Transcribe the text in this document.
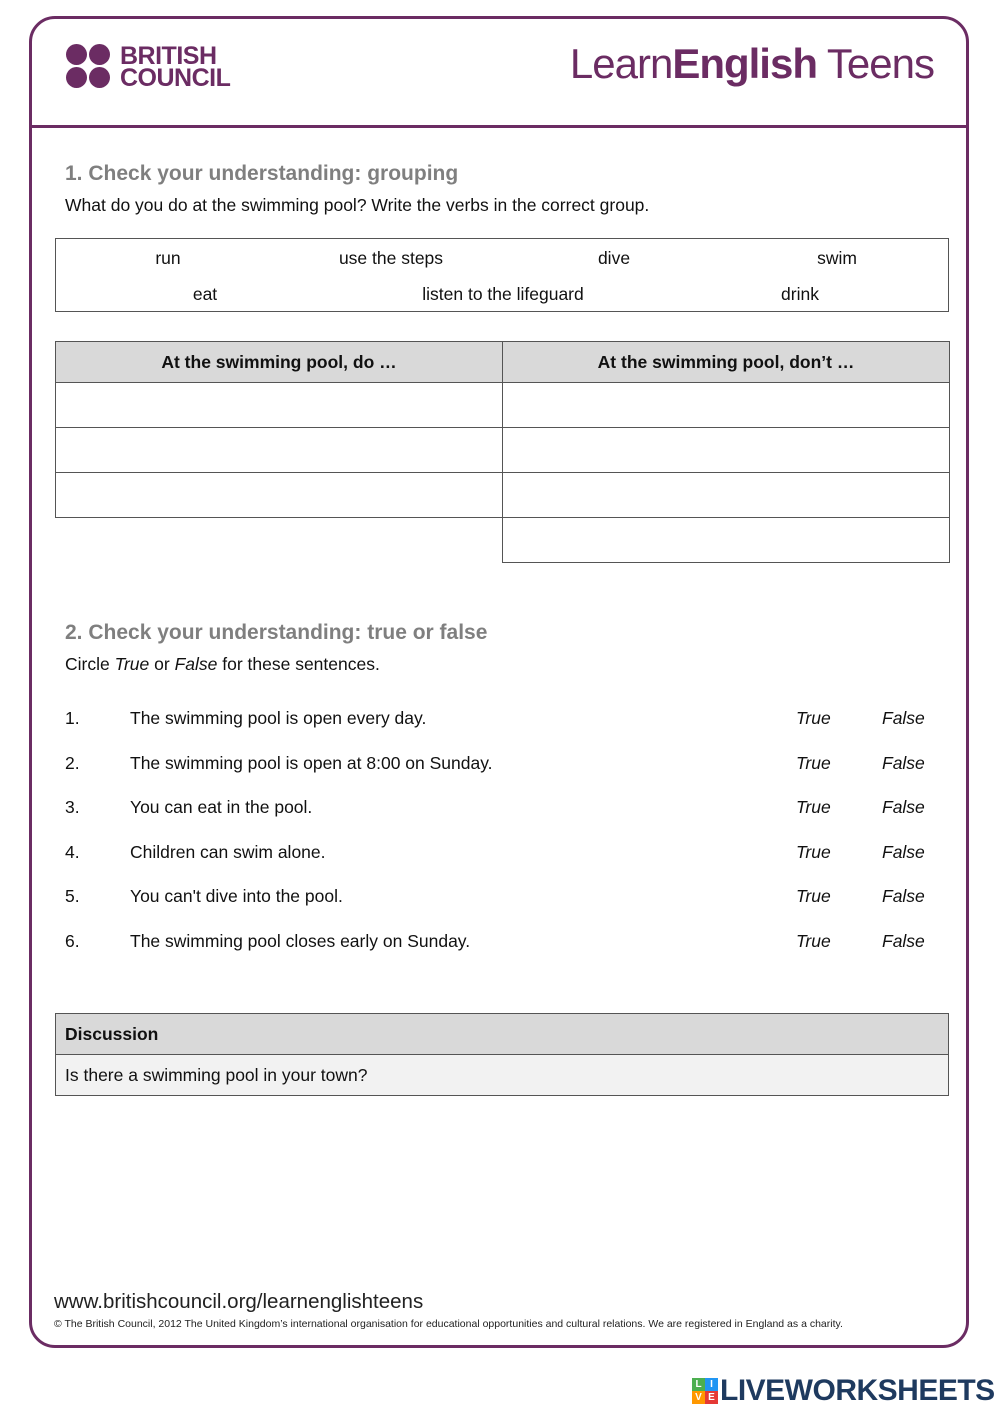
BRITISH
COUNCIL	LearnEnglish Teens
1. Check your understanding: grouping
What do you do at the swimming pool? Write the verbs in the correct group.
run	use the steps	dive	swim
eat	listen to the lifeguard	drink
At the swimming pool, do …	At the swimming pool, don’t …

2. Check your understanding: true or false
Circle True or False for these sentences.
1.	The swimming pool is open every day.	True	False
2.	The swimming pool is open at 8:00 on Sunday.	True	False
3.	You can eat in the pool.	True	False
4.	Children can swim alone.	True	False
5.	You can't dive into the pool.	True	False
6.	The swimming pool closes early on Sunday.	True	False
Discussion
Is there a swimming pool in your town?
www.britishcouncil.org/learnenglishteens
© The British Council, 2012 The United Kingdom’s international organisation for educational opportunities and cultural relations. We are registered in England as a charity.
L I
V E LIVEWORKSHEETS
